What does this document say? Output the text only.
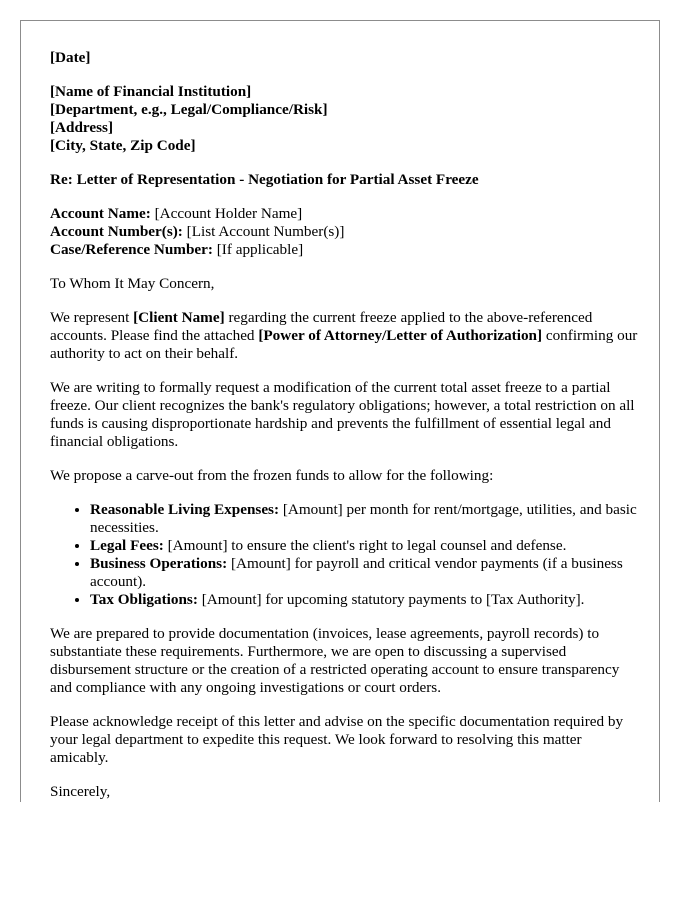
[Date]

[Name of Financial Institution]
[Department, e.g., Legal/Compliance/Risk]
[Address]
[City, State, Zip Code]

Re: Letter of Representation - Negotiation for Partial Asset Freeze

Account Name: [Account Holder Name]
Account Number(s): [List Account Number(s)]
Case/Reference Number: [If applicable]

To Whom It May Concern,

We represent [Client Name] regarding the current freeze applied to the above-referenced accounts. Please find the attached [Power of Attorney/Letter of Authorization] confirming our authority to act on their behalf.

We are writing to formally request a modification of the current total asset freeze to a partial freeze. Our client recognizes the bank's regulatory obligations; however, a total restriction on all funds is causing disproportionate hardship and prevents the fulfillment of essential legal and financial obligations.

We propose a carve-out from the frozen funds to allow for the following:

• Reasonable Living Expenses: [Amount] per month for rent/mortgage, utilities, and basic necessities.
• Legal Fees: [Amount] to ensure the client's right to legal counsel and defense.
• Business Operations: [Amount] for payroll and critical vendor payments (if a business account).
• Tax Obligations: [Amount] for upcoming statutory payments to [Tax Authority].

We are prepared to provide documentation (invoices, lease agreements, payroll records) to substantiate these requirements. Furthermore, we are open to discussing a supervised disbursement structure or the creation of a restricted operating account to ensure transparency and compliance with any ongoing investigations or court orders.

Please acknowledge receipt of this letter and advise on the specific documentation required by your legal department to expedite this request. We look forward to resolving this matter amicably.

Sincerely,
